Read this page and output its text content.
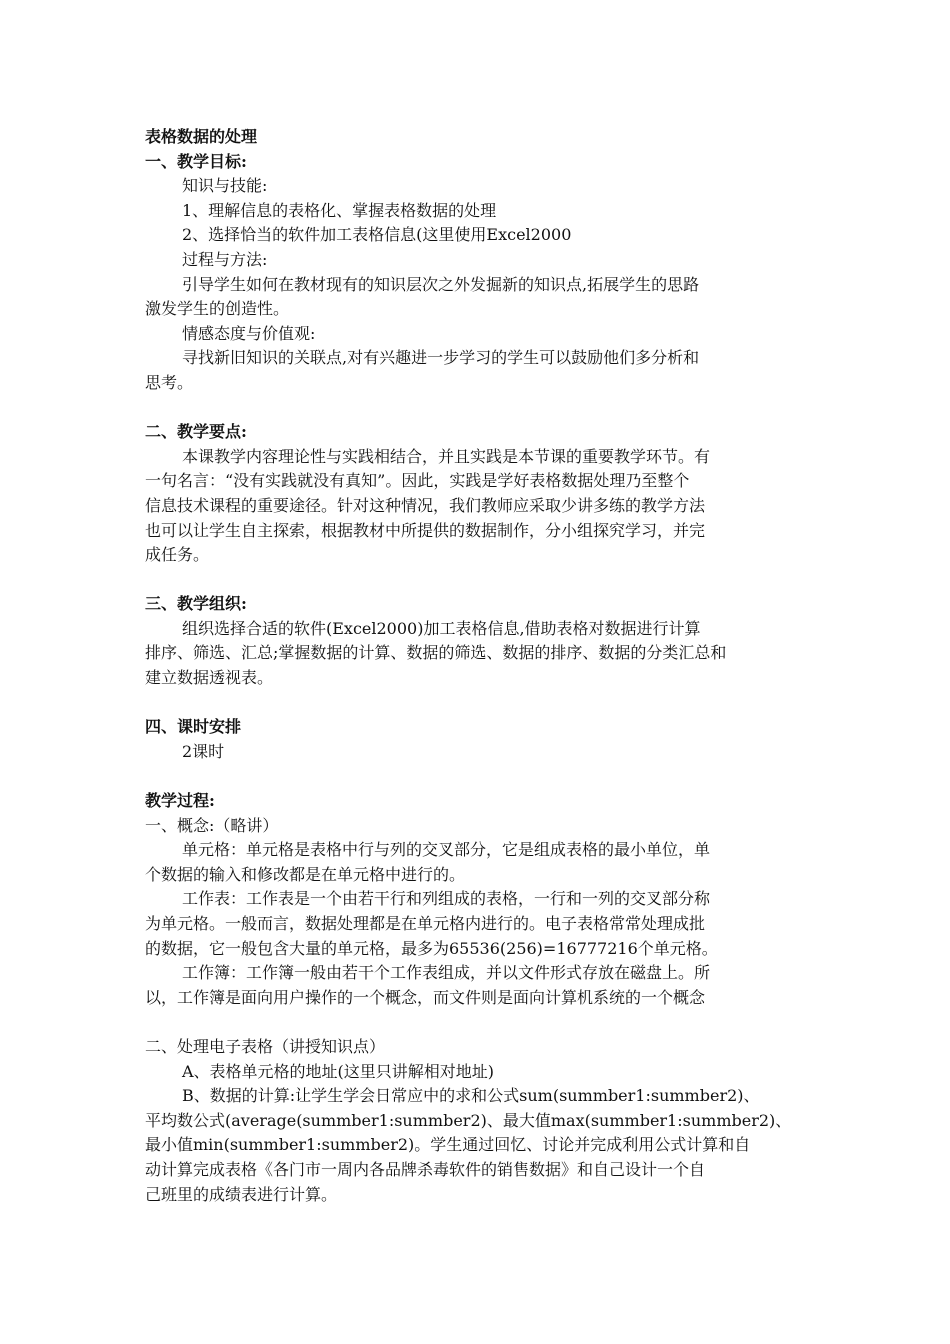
表格数据的处理
一、教学目标:
知识与技能:
1、理解信息的表格化、掌握表格数据的处理
2、选择恰当的软件加工表格信息(这里使用Excel2000
过程与方法:
引导学生如何在教材现有的知识层次之外发掘新的知识点,拓展学生的思路
激发学生的创造性。
情感态度与价值观:
寻找新旧知识的关联点,对有兴趣进一步学习的学生可以鼓励他们多分析和
思考。
二、教学要点:
本课教学内容理论性与实践相结合，并且实践是本节课的重要教学环节。有
一句名言：“没有实践就没有真知”。因此，实践是学好表格数据处理乃至整个
信息技术课程的重要途径。针对这种情况，我们教师应采取少讲多练的教学方法
也可以让学生自主探索，根据教材中所提供的数据制作，分小组探究学习，并完
成任务。
三、教学组织:
组织选择合适的软件(Excel2000)加工表格信息,借助表格对数据进行计算
排序、筛选、汇总;掌握数据的计算、数据的筛选、数据的排序、数据的分类汇总和
建立数据透视表。
四、课时安排
2课时
教学过程:
一、概念:（略讲）
单元格：单元格是表格中行与列的交叉部分，它是组成表格的最小单位，单
个数据的输入和修改都是在单元格中进行的。
工作表：工作表是一个由若干行和列组成的表格，一行和一列的交叉部分称
为单元格。一般而言，数据处理都是在单元格内进行的。电子表格常常处理成批
的数据，它一般包含大量的单元格，最多为65536(256)=16777216个单元格。
工作簿：工作簿一般由若干个工作表组成，并以文件形式存放在磁盘上。所
以，工作簿是面向用户操作的一个概念，而文件则是面向计算机系统的一个概念
二、处理电子表格（讲授知识点）
A、表格单元格的地址(这里只讲解相对地址)
B、数据的计算:让学生学会日常应中的求和公式sum(summber1:summber2)、
平均数公式(average(summber1:summber2)、最大值max(summber1:summber2)、
最小值min(summber1:summber2)。学生通过回忆、讨论并完成利用公式计算和自
动计算完成表格《各门市一周内各品牌杀毒软件的销售数据》和自己设计一个自
己班里的成绩表进行计算。
